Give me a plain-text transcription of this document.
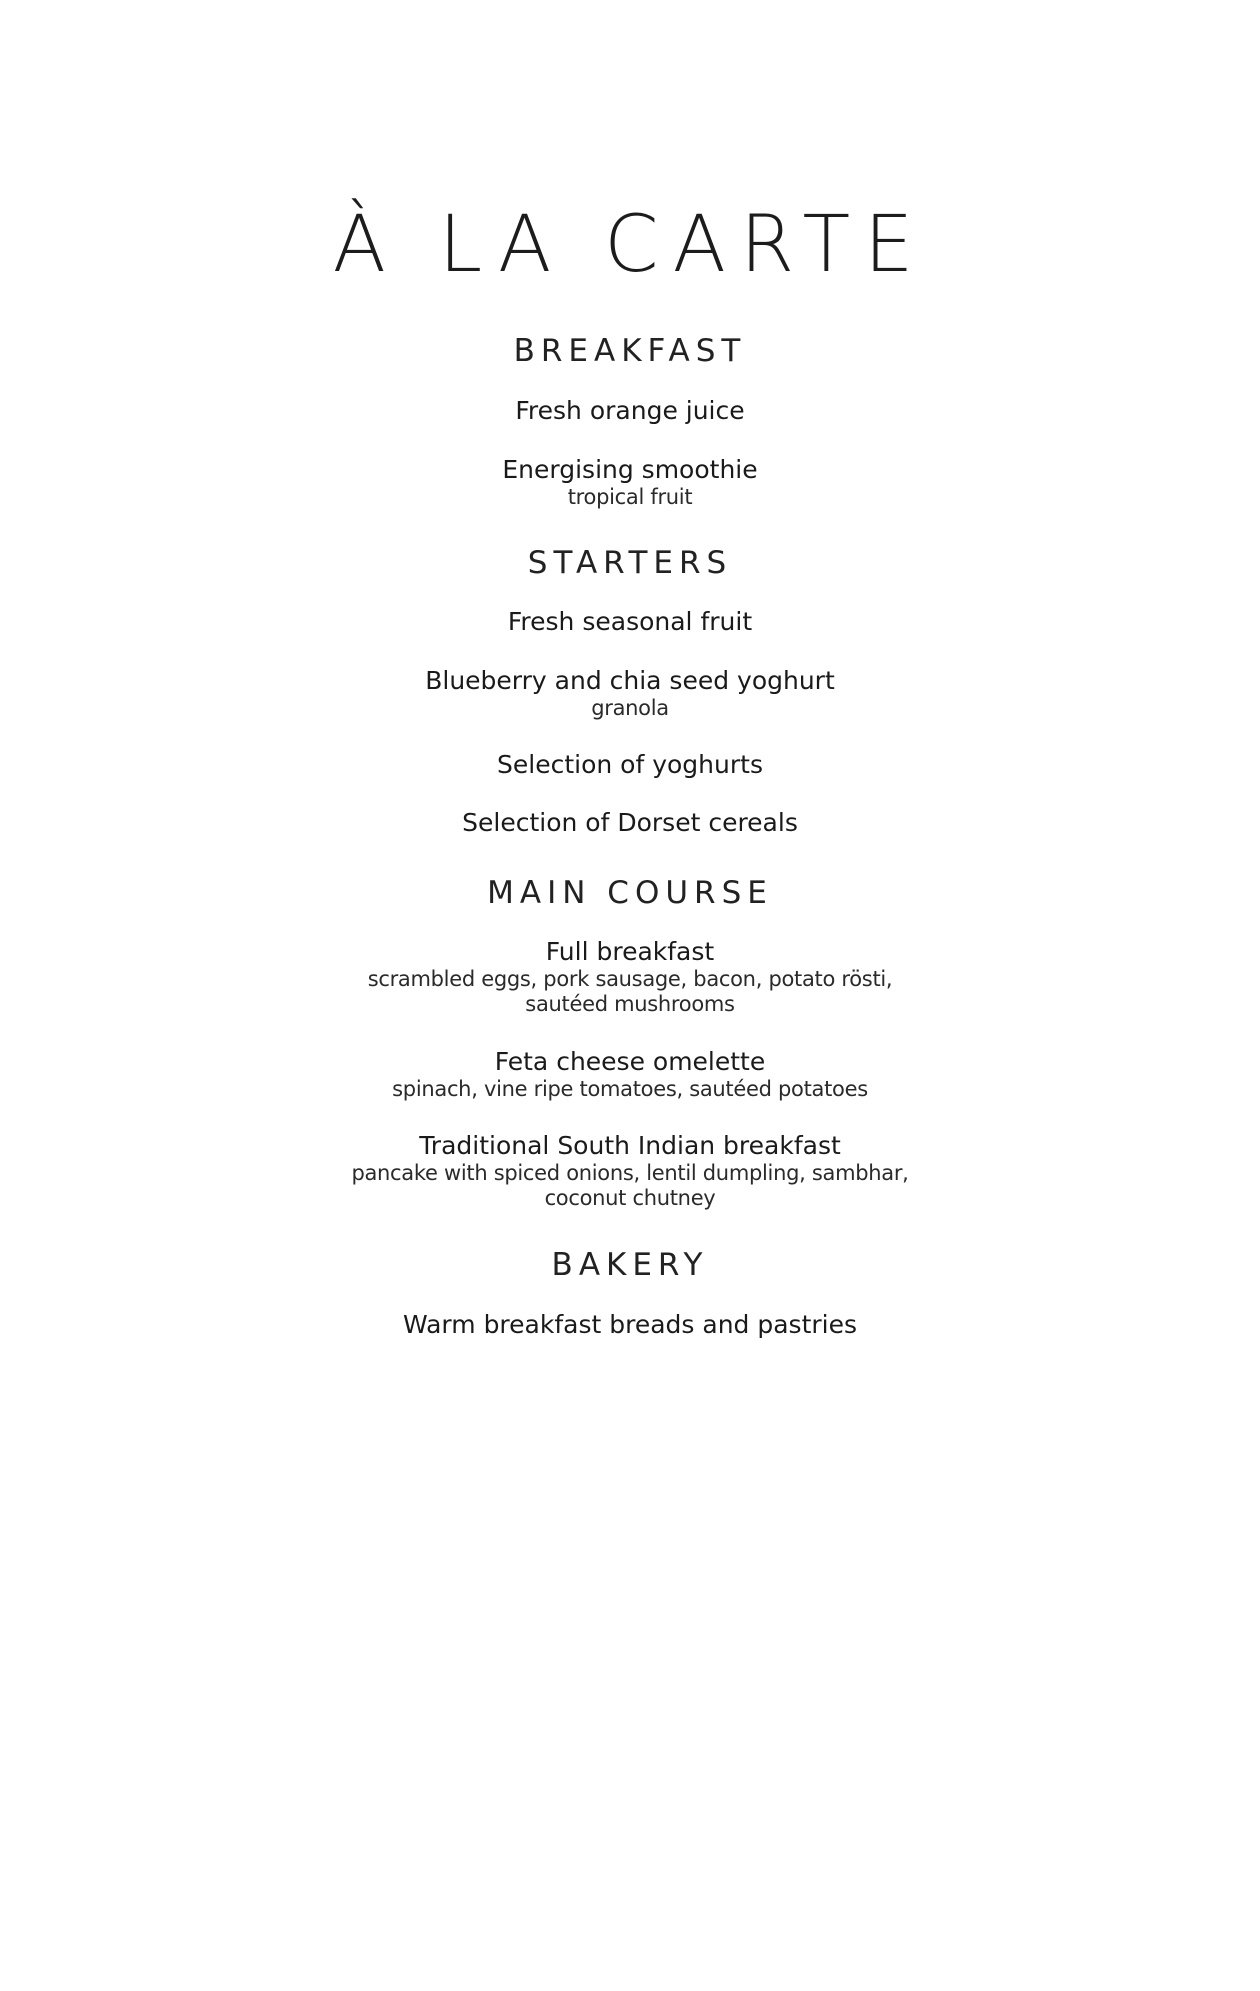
À LA CARTE
BREAKFAST
Fresh orange juice
Energising smoothie
tropical fruit
STARTERS
Fresh seasonal fruit
Blueberry and chia seed yoghurt
granola
Selection of yoghurts
Selection of Dorset cereals
MAIN COURSE
Full breakfast
scrambled eggs, pork sausage, bacon, potato rösti,
sautéed mushrooms
Feta cheese omelette
spinach, vine ripe tomatoes, sautéed potatoes
Traditional South Indian breakfast
pancake with spiced onions, lentil dumpling, sambhar,
coconut chutney
BAKERY
Warm breakfast breads and pastries
